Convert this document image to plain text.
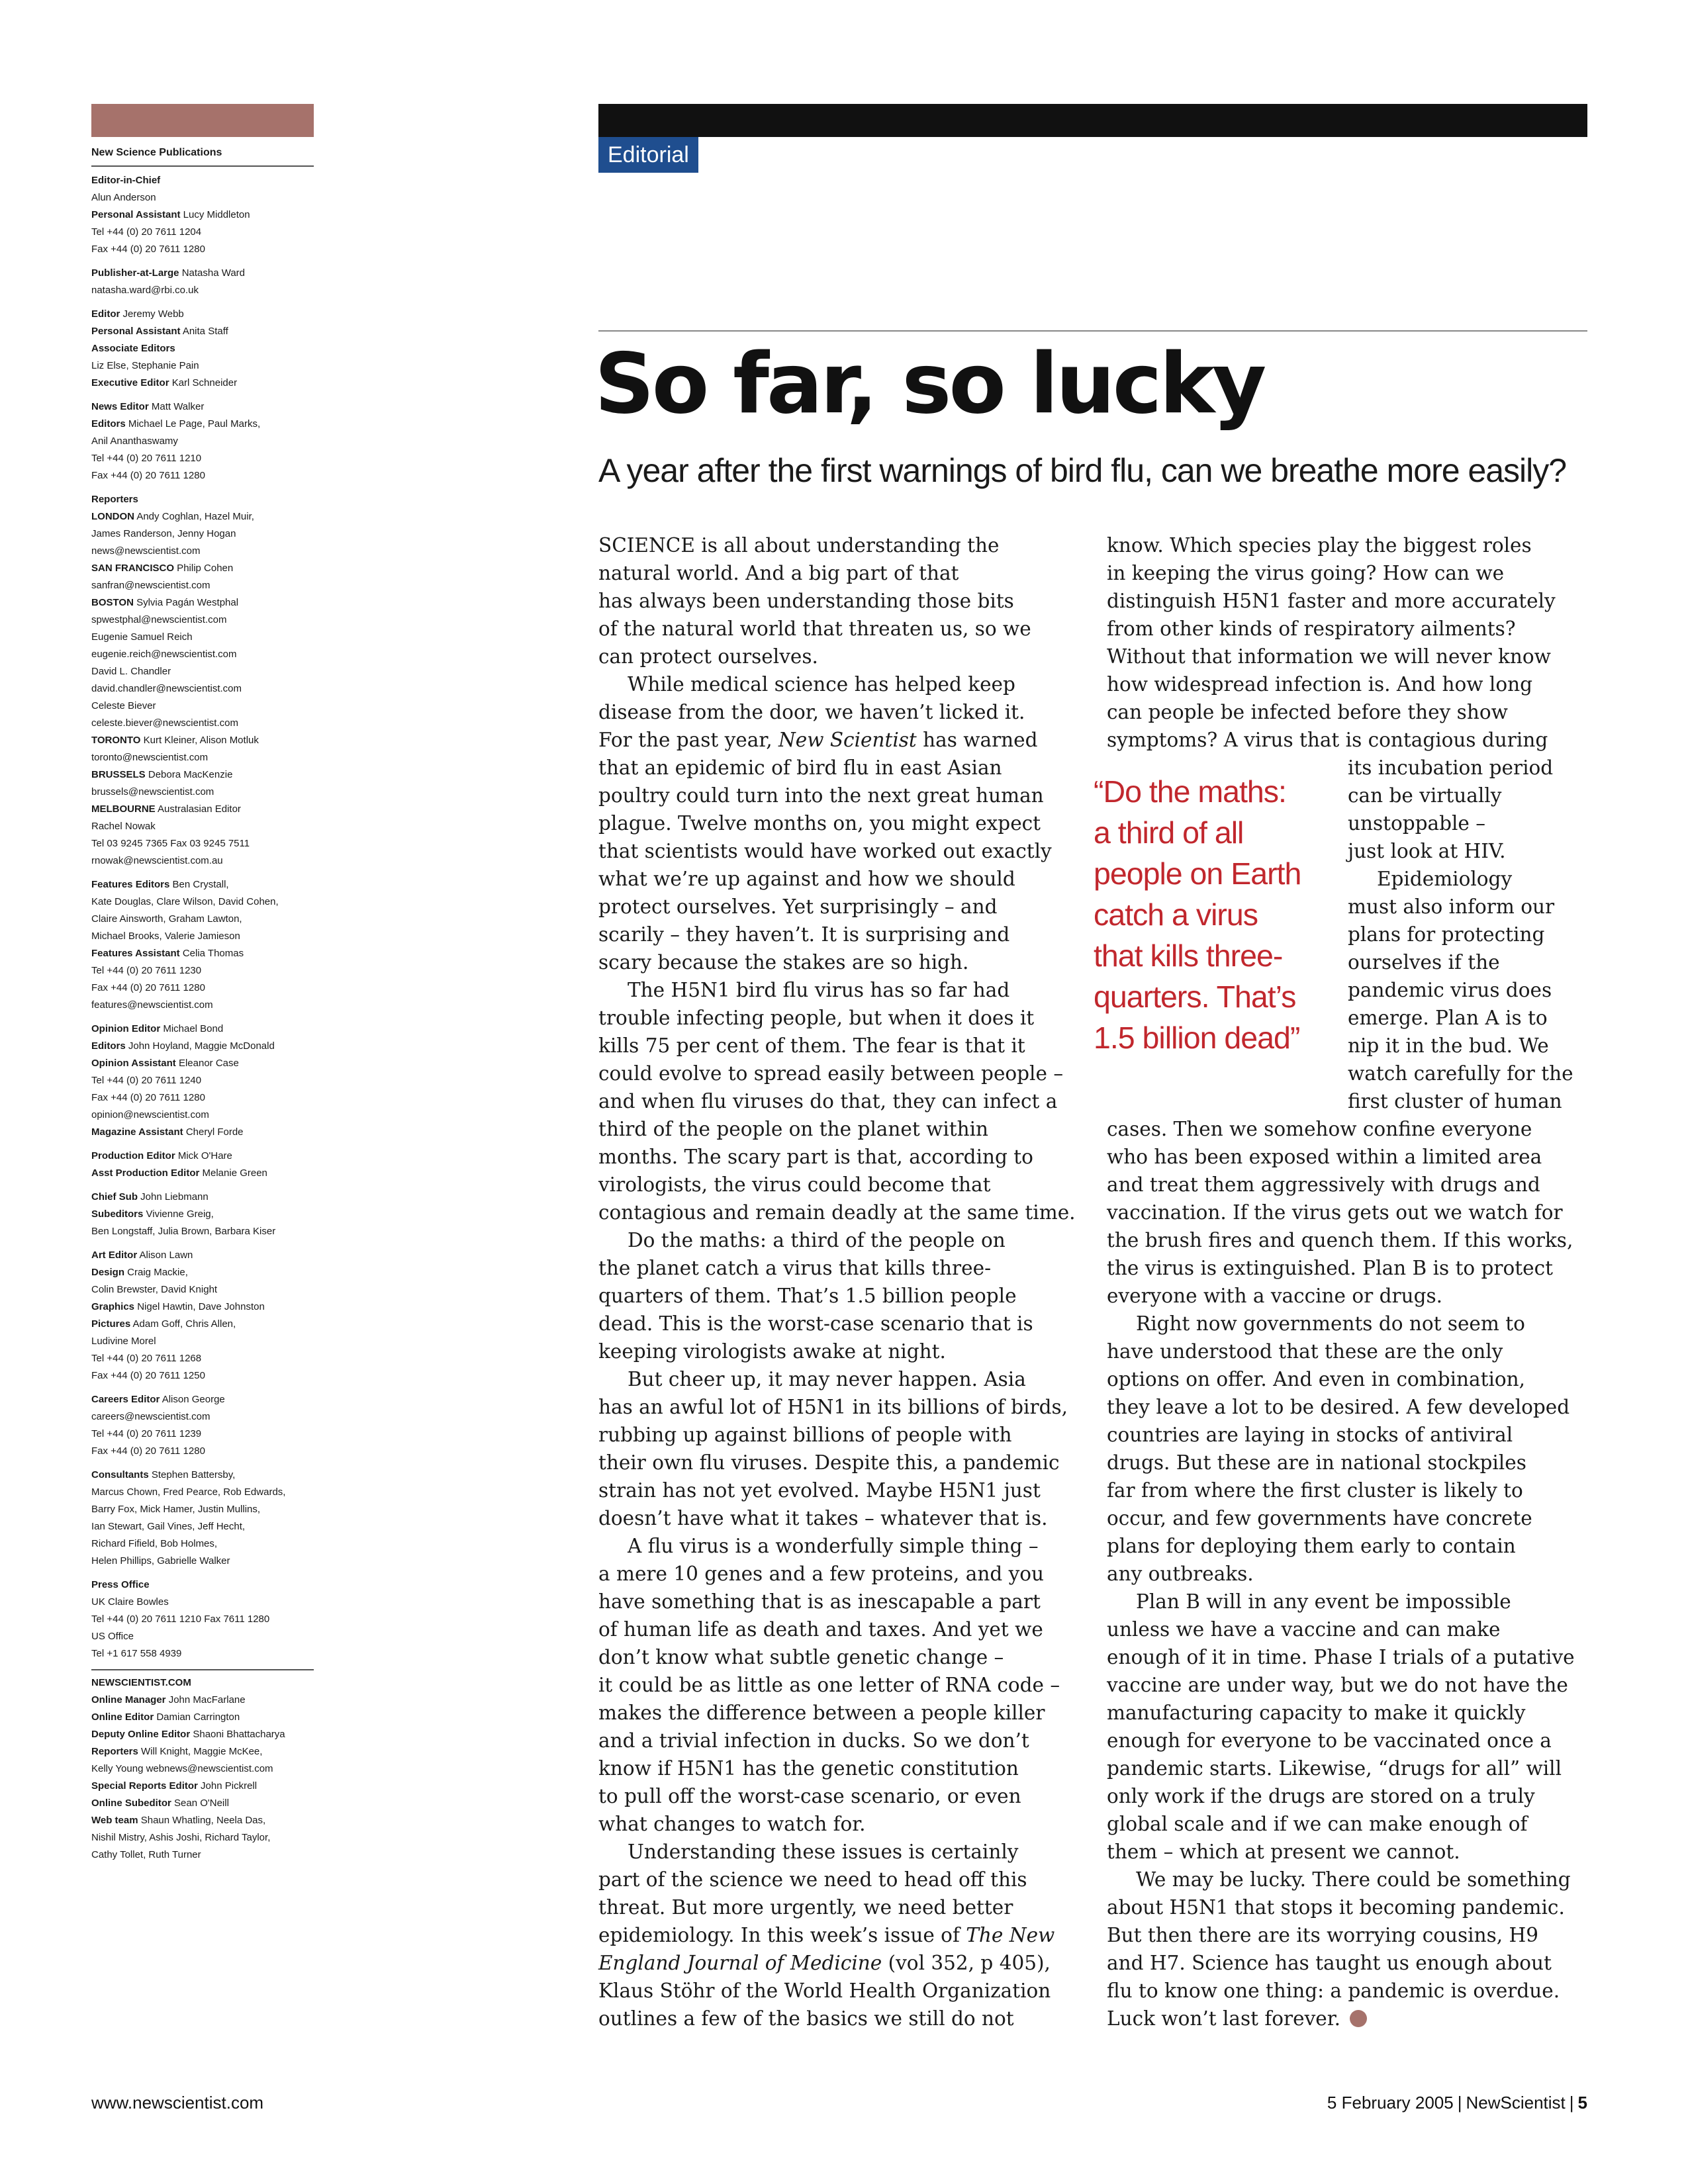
New Science Publications
Editor-in-Chief
Alun Anderson
Personal Assistant Lucy Middleton
Tel +44 (0) 20 7611 1204
Fax +44 (0) 20 7611 1280
Publisher-at-Large Natasha Ward
natasha.ward@rbi.co.uk
Editor Jeremy Webb
Personal Assistant Anita Staff
Associate Editors
Liz Else, Stephanie Pain
Executive Editor Karl Schneider
News Editor Matt Walker
Editors Michael Le Page, Paul Marks,
Anil Ananthaswamy
Tel +44 (0) 20 7611 1210
Fax +44 (0) 20 7611 1280
Reporters
LONDON Andy Coghlan, Hazel Muir,
James Randerson, Jenny Hogan
news@newscientist.com
SAN FRANCISCO Philip Cohen
sanfran@newscientist.com
BOSTON Sylvia Pagán Westphal
spwestphal@newscientist.com
Eugenie Samuel Reich
eugenie.reich@newscientist.com
David L. Chandler
david.chandler@newscientist.com
Celeste Biever
celeste.biever@newscientist.com
TORONTO Kurt Kleiner, Alison Motluk
toronto@newscientist.com
BRUSSELS Debora MacKenzie
brussels@newscientist.com
MELBOURNE Australasian Editor
Rachel Nowak
Tel 03 9245 7365 Fax 03 9245 7511
rnowak@newscientist.com.au
Features Editors Ben Crystall,
Kate Douglas, Clare Wilson, David Cohen,
Claire Ainsworth, Graham Lawton,
Michael Brooks, Valerie Jamieson
Features Assistant Celia Thomas
Tel +44 (0) 20 7611 1230
Fax +44 (0) 20 7611 1280
features@newscientist.com
Opinion Editor Michael Bond
Editors John Hoyland, Maggie McDonald
Opinion Assistant Eleanor Case
Tel +44 (0) 20 7611 1240
Fax +44 (0) 20 7611 1280
opinion@newscientist.com
Magazine Assistant Cheryl Forde
Production Editor Mick O'Hare
Asst Production Editor Melanie Green
Chief Sub John Liebmann
Subeditors Vivienne Greig,
Ben Longstaff, Julia Brown, Barbara Kiser
Art Editor Alison Lawn
Design Craig Mackie,
Colin Brewster, David Knight
Graphics Nigel Hawtin, Dave Johnston
Pictures Adam Goff, Chris Allen,
Ludivine Morel
Tel +44 (0) 20 7611 1268
Fax +44 (0) 20 7611 1250
Careers Editor Alison George
careers@newscientist.com
Tel +44 (0) 20 7611 1239
Fax +44 (0) 20 7611 1280
Consultants Stephen Battersby,
Marcus Chown, Fred Pearce, Rob Edwards,
Barry Fox, Mick Hamer, Justin Mullins,
Ian Stewart, Gail Vines, Jeff Hecht,
Richard Fifield, Bob Holmes,
Helen Phillips, Gabrielle Walker
Press Office
UK Claire Bowles
Tel +44 (0) 20 7611 1210 Fax 7611 1280
US Office
Tel +1 617 558 4939
NEWSCIENTIST.COM
Online Manager John MacFarlane
Online Editor Damian Carrington
Deputy Online Editor Shaoni Bhattacharya
Reporters Will Knight, Maggie McKee,
Kelly Young webnews@newscientist.com
Special Reports Editor John Pickrell
Online Subeditor Sean O'Neill
Web team Shaun Whatling, Neela Das,
Nishil Mistry, Ashis Joshi, Richard Taylor,
Cathy Tollet, Ruth Turner
Editorial
So far, so lucky
A year after the first warnings of bird flu, can we breathe more easily?
SCIENCE is all about understanding the
natural world. And a big part of that
has always been understanding those bits
of the natural world that threaten us, so we
can protect ourselves.
While medical science has helped keep
disease from the door, we haven’t licked it.
For the past year, New Scientist has warned
that an epidemic of bird flu in east Asian
poultry could turn into the next great human
plague. Twelve months on, you might expect
that scientists would have worked out exactly
what we’re up against and how we should
protect ourselves. Yet surprisingly – and
scarily – they haven’t. It is surprising and
scary because the stakes are so high.
The H5N1 bird flu virus has so far had
trouble infecting people, but when it does it
kills 75 per cent of them. The fear is that it
could evolve to spread easily between people –
and when flu viruses do that, they can infect a
third of the people on the planet within
months. The scary part is that, according to
virologists, the virus could become that
contagious and remain deadly at the same time.
Do the maths: a third of the people on
the planet catch a virus that kills three-
quarters of them. That’s 1.5 billion people
dead. This is the worst-case scenario that is
keeping virologists awake at night.
But cheer up, it may never happen. Asia
has an awful lot of H5N1 in its billions of birds,
rubbing up against billions of people with
their own flu viruses. Despite this, a pandemic
strain has not yet evolved. Maybe H5N1 just
doesn’t have what it takes – whatever that is.
A flu virus is a wonderfully simple thing –
a mere 10 genes and a few proteins, and you
have something that is as inescapable a part
of human life as death and taxes. And yet we
don’t know what subtle genetic change –
it could be as little as one letter of RNA code –
makes the difference between a people killer
and a trivial infection in ducks. So we don’t
know if H5N1 has the genetic constitution
to pull off the worst-case scenario, or even
what changes to watch for.
Understanding these issues is certainly
part of the science we need to head off this
threat. But more urgently, we need better
epidemiology. In this week’s issue of The New
England Journal of Medicine (vol 352, p 405),
Klaus Stöhr of the World Health Organization
outlines a few of the basics we still do not
know. Which species play the biggest roles
in keeping the virus going? How can we
distinguish H5N1 faster and more accurately
from other kinds of respiratory ailments?
Without that information we will never know
how widespread infection is. And how long
can people be infected before they show
symptoms? A virus that is contagious during
its incubation period
can be virtually
unstoppable –
just look at HIV.
Epidemiology
must also inform our
plans for protecting
ourselves if the
pandemic virus does
emerge. Plan A is to
nip it in the bud. We
watch carefully for the
first cluster of human
cases. Then we somehow confine everyone
who has been exposed within a limited area
and treat them aggressively with drugs and
vaccination. If the virus gets out we watch for
the brush fires and quench them. If this works,
the virus is extinguished. Plan B is to protect
everyone with a vaccine or drugs.
Right now governments do not seem to
have understood that these are the only
options on offer. And even in combination,
they leave a lot to be desired. A few developed
countries are laying in stocks of antiviral
drugs. But these are in national stockpiles
far from where the first cluster is likely to
occur, and few governments have concrete
plans for deploying them early to contain
any outbreaks.
Plan B will in any event be impossible
unless we have a vaccine and can make
enough of it in time. Phase I trials of a putative
vaccine are under way, but we do not have the
manufacturing capacity to make it quickly
enough for everyone to be vaccinated once a
pandemic starts. Likewise, “drugs for all” will
only work if the drugs are stored on a truly
global scale and if we can make enough of
them – which at present we cannot.
We may be lucky. There could be something
about H5N1 that stops it becoming pandemic.
But then there are its worrying cousins, H9
and H7. Science has taught us enough about
flu to know one thing: a pandemic is overdue.
Luck won’t last forever.
“Do the maths:
a third of all
people on Earth
catch a virus
that kills three-
quarters. That’s
1.5 billion dead”
www.newscientist.com	5 February 2005 | NewScientist | 5
